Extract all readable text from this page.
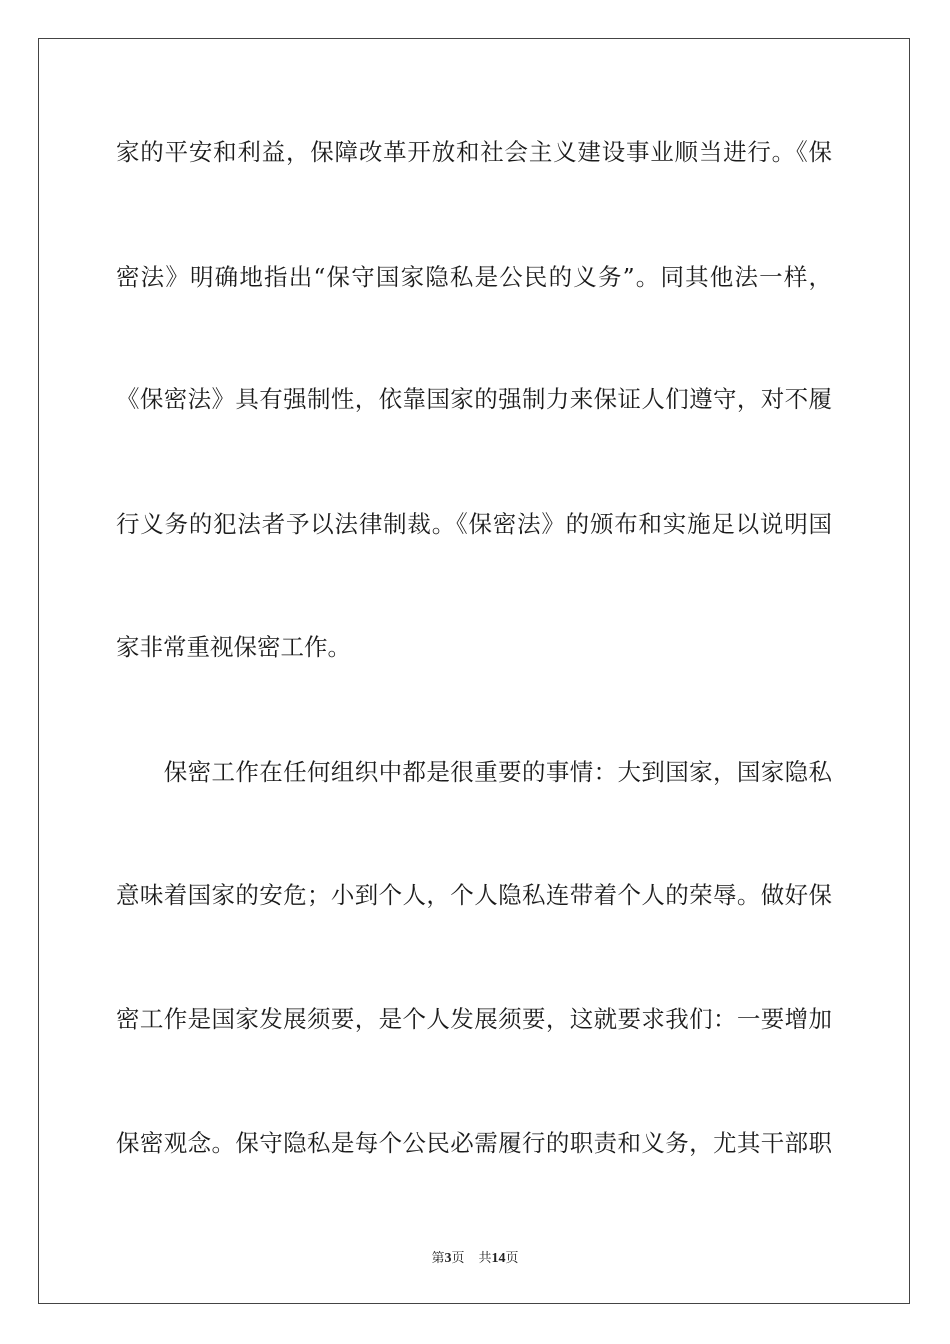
家的平安和利益，保障改革开放和社会主义建设事业顺当进行。《保
密法》明确地指出“保守国家隐私是公民的义务”。同其他法一样，
《保密法》具有强制性，依靠国家的强制力来保证人们遵守，对不履
行义务的犯法者予以法律制裁。《保密法》的颁布和实施足以说明国
家非常重视保密工作。
　　保密工作在任何组织中都是很重要的事情：大到国家，国家隐私
意味着国家的安危；小到个人，个人隐私连带着个人的荣辱。做好保
密工作是国家发展须要，是个人发展须要，这就要求我们：一要增加
保密观念。保守隐私是每个公民必需履行的职责和义务，尤其干部职
第3页 共14页
